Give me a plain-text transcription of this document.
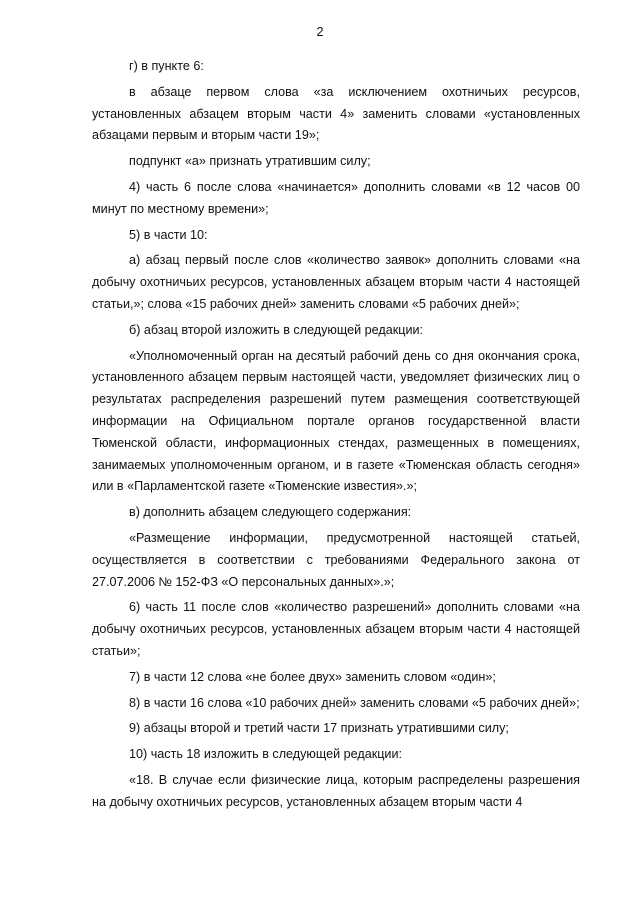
2

г) в пункте 6:

в абзаце первом слова «за исключением охотничьих ресурсов, установленных абзацем вторым части 4» заменить словами «установленных абзацами первым и вторым части 19»;

подпункт «а» признать утратившим силу;

4) часть 6 после слова «начинается» дополнить словами «в 12 часов 00 минут по местному времени»;

5) в части 10:

а) абзац первый после слов «количество заявок» дополнить словами «на добычу охотничьих ресурсов, установленных абзацем вторым части 4 настоящей статьи,»; слова «15 рабочих дней» заменить словами «5 рабочих дней»;

б) абзац второй изложить в следующей редакции:

«Уполномоченный орган на десятый рабочий день со дня окончания срока, установленного абзацем первым настоящей части, уведомляет физических лиц о результатах распределения разрешений путем размещения соответствующей информации на Официальном портале органов государственной власти Тюменской области, информационных стендах, размещенных в помещениях, занимаемых уполномоченным органом, и в газете «Тюменская область сегодня» или в «Парламентской газете «Тюменские известия».»;

в) дополнить абзацем следующего содержания:

«Размещение информации, предусмотренной настоящей статьей, осуществляется в соответствии с требованиями Федерального закона от 27.07.2006 № 152-ФЗ «О персональных данных».»;

6) часть 11 после слов «количество разрешений» дополнить словами «на добычу охотничьих ресурсов, установленных абзацем вторым части 4 настоящей статьи»;

7) в части 12 слова «не более двух» заменить словом «один»;

8) в части 16 слова «10 рабочих дней» заменить словами «5 рабочих дней»;

9) абзацы второй и третий части 17 признать утратившими силу;

10) часть 18 изложить в следующей редакции:

«18. В случае если физические лица, которым распределены разрешения на добычу охотничьих ресурсов, установленных абзацем вторым части 4
